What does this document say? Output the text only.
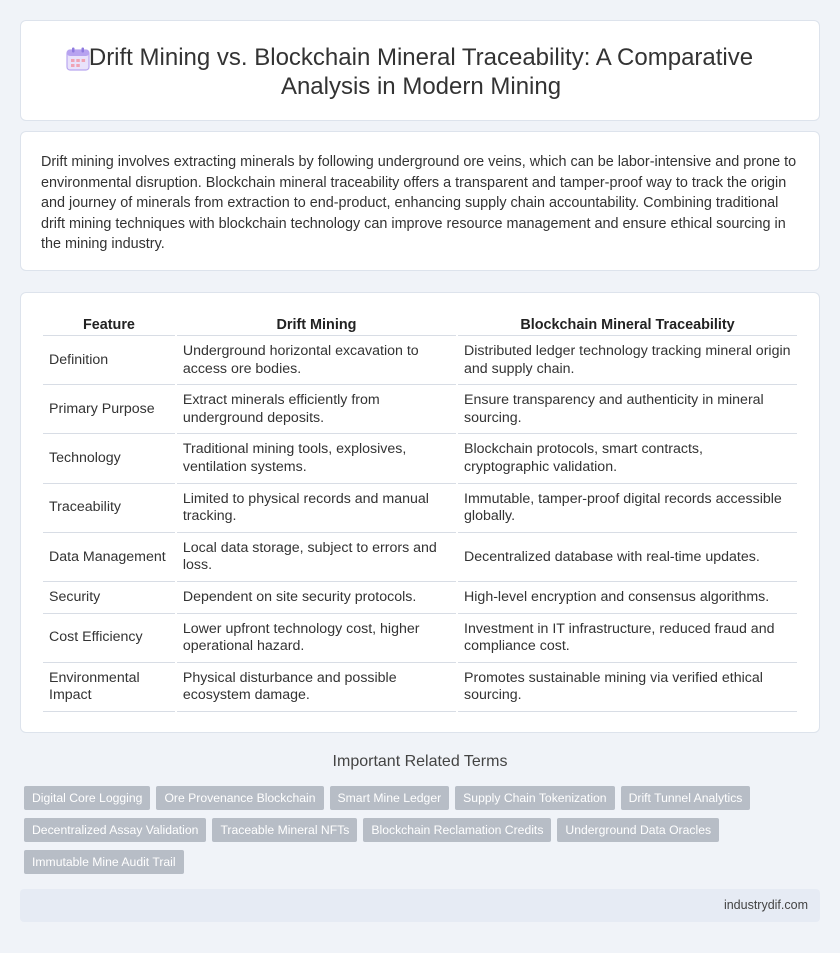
Drift Mining vs. Blockchain Mineral Traceability: A Comparative Analysis in Modern Mining

Drift mining involves extracting minerals by following underground ore veins, which can be labor-intensive and prone to environmental disruption. Blockchain mineral traceability offers a transparent and tamper-proof way to track the origin and journey of minerals from extraction to end-product, enhancing supply chain accountability. Combining traditional drift mining techniques with blockchain technology can improve resource management and ensure ethical sourcing in the mining industry.

Feature	Drift Mining	Blockchain Mineral Traceability
Definition	Underground horizontal excavation to access ore bodies.	Distributed ledger technology tracking mineral origin and supply chain.
Primary Purpose	Extract minerals efficiently from underground deposits.	Ensure transparency and authenticity in mineral sourcing.
Technology	Traditional mining tools, explosives, ventilation systems.	Blockchain protocols, smart contracts, cryptographic validation.
Traceability	Limited to physical records and manual tracking.	Immutable, tamper-proof digital records accessible globally.
Data Management	Local data storage, subject to errors and loss.	Decentralized database with real-time updates.
Security	Dependent on site security protocols.	High-level encryption and consensus algorithms.
Cost Efficiency	Lower upfront technology cost, higher operational hazard.	Investment in IT infrastructure, reduced fraud and compliance cost.
Environmental Impact	Physical disturbance and possible ecosystem damage.	Promotes sustainable mining via verified ethical sourcing.
Important Related Terms
Digital Core Logging	Ore Provenance Blockchain	Smart Mine Ledger	Supply Chain Tokenization	Drift Tunnel Analytics
Decentralized Assay Validation	Traceable Mineral NFTs	Blockchain Reclamation Credits	Underground Data Oracles
Immutable Mine Audit Trail
industrydif.com
